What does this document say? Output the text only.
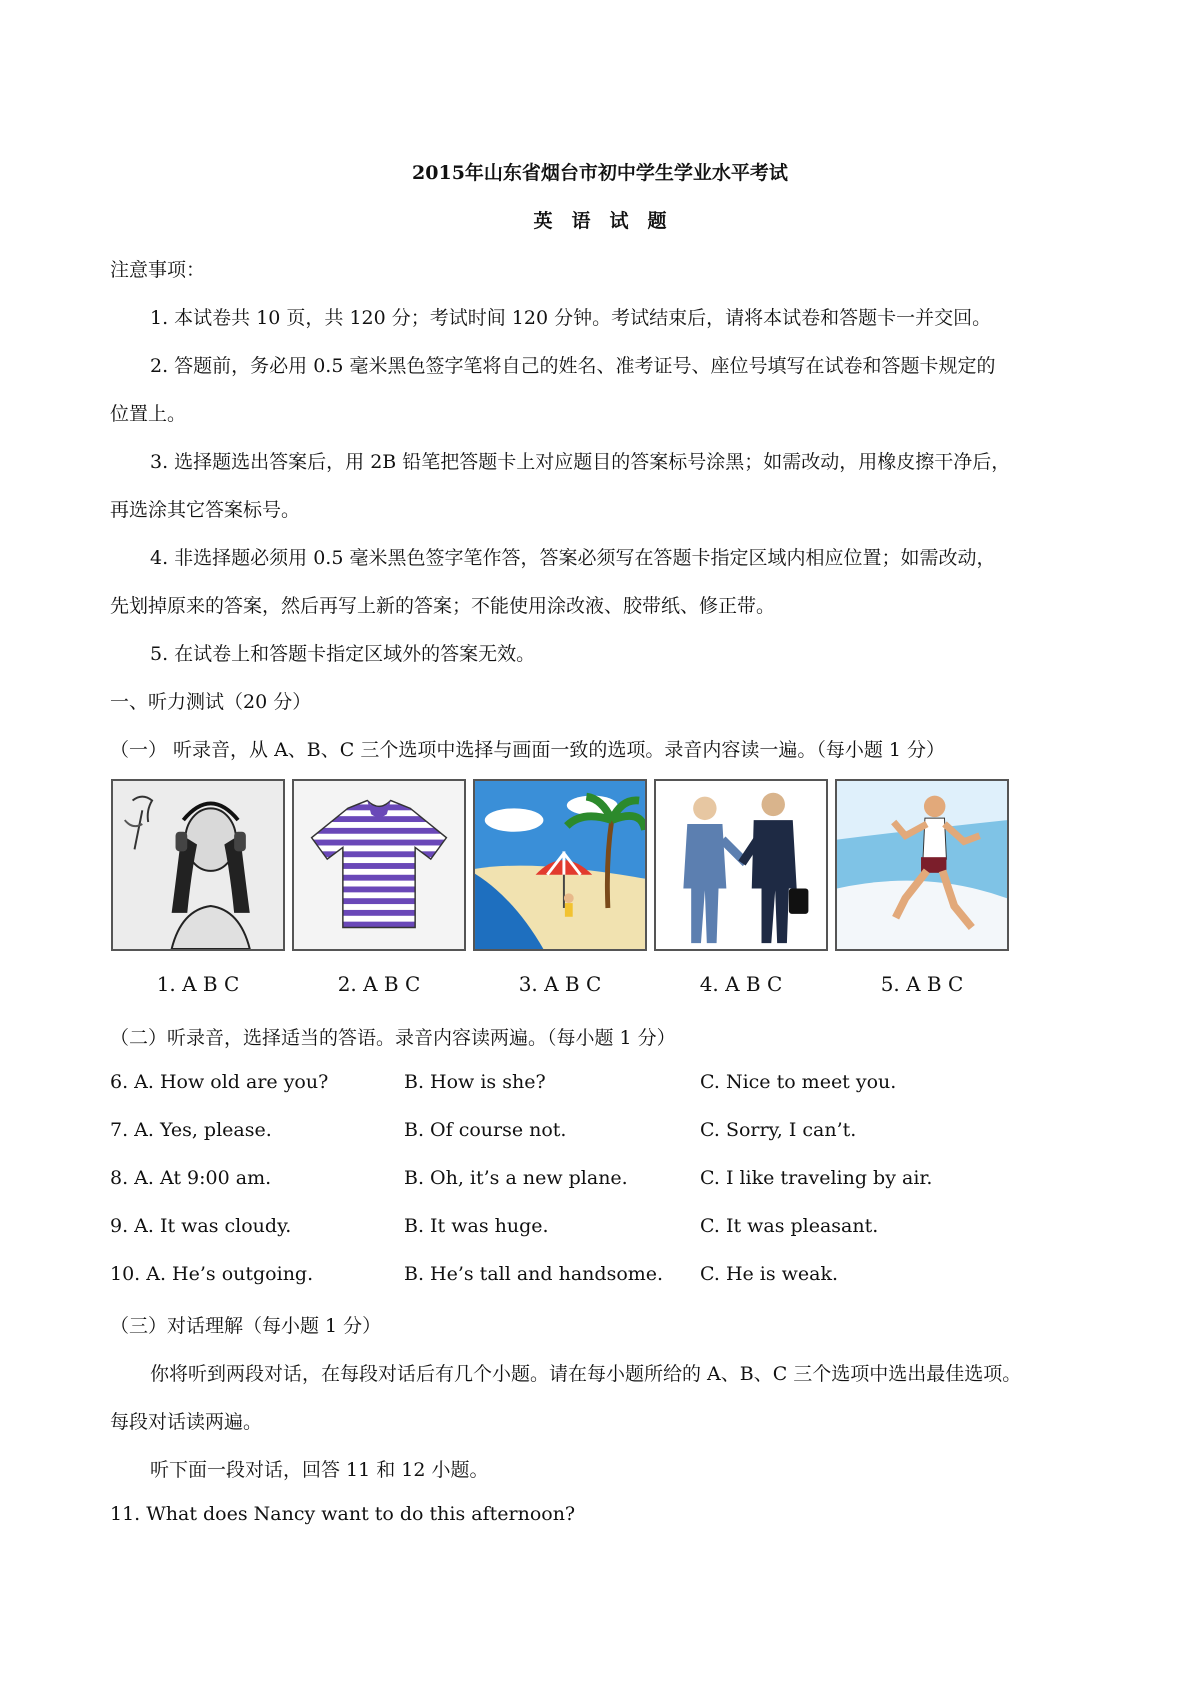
2015年山东省烟台市初中学生学业水平考试
英　语　试　题
注意事项：
1. 本试卷共 10 页，共 120 分；考试时间 120 分钟。考试结束后，请将本试卷和答题卡一并交回。
2. 答题前，务必用 0.5 毫米黑色签字笔将自己的姓名、准考证号、座位号填写在试卷和答题卡规定的
位置上。
3. 选择题选出答案后，用 2B 铅笔把答题卡上对应题目的答案标号涂黑；如需改动，用橡皮擦干净后，
再选涂其它答案标号。
4. 非选择题必须用 0.5 毫米黑色签字笔作答，答案必须写在答题卡指定区域内相应位置；如需改动，
先划掉原来的答案，然后再写上新的答案；不能使用涂改液、胶带纸、修正带。
5. 在试卷上和答题卡指定区域外的答案无效。
一、听力测试（20 分）
（一） 听录音，从 A、B、C 三个选项中选择与画面一致的选项。录音内容读一遍。（每小题 1 分）
1. A B C	2. A B C	3. A B C	4. A B C	5. A B C
（二）听录音，选择适当的答语。录音内容读两遍。（每小题 1 分）
6. A. How old are you?	B. How is she?	C. Nice to meet you.
7. A. Yes, please.	B. Of course not.	C. Sorry, I can’t.
8. A. At 9:00 am.	B. Oh, it’s a new plane.	C. I like traveling by air.
9. A. It was cloudy.	B. It was huge.	C. It was pleasant.
10. A. He’s outgoing.	B. He’s tall and handsome. C. He is weak.
（三）对话理解（每小题 1 分）
你将听到两段对话，在每段对话后有几个小题。请在每小题所给的 A、B、C 三个选项中选出最佳选项。
每段对话读两遍。
听下面一段对话，回答 11 和 12 小题。
11. What does Nancy want to do this afternoon?
